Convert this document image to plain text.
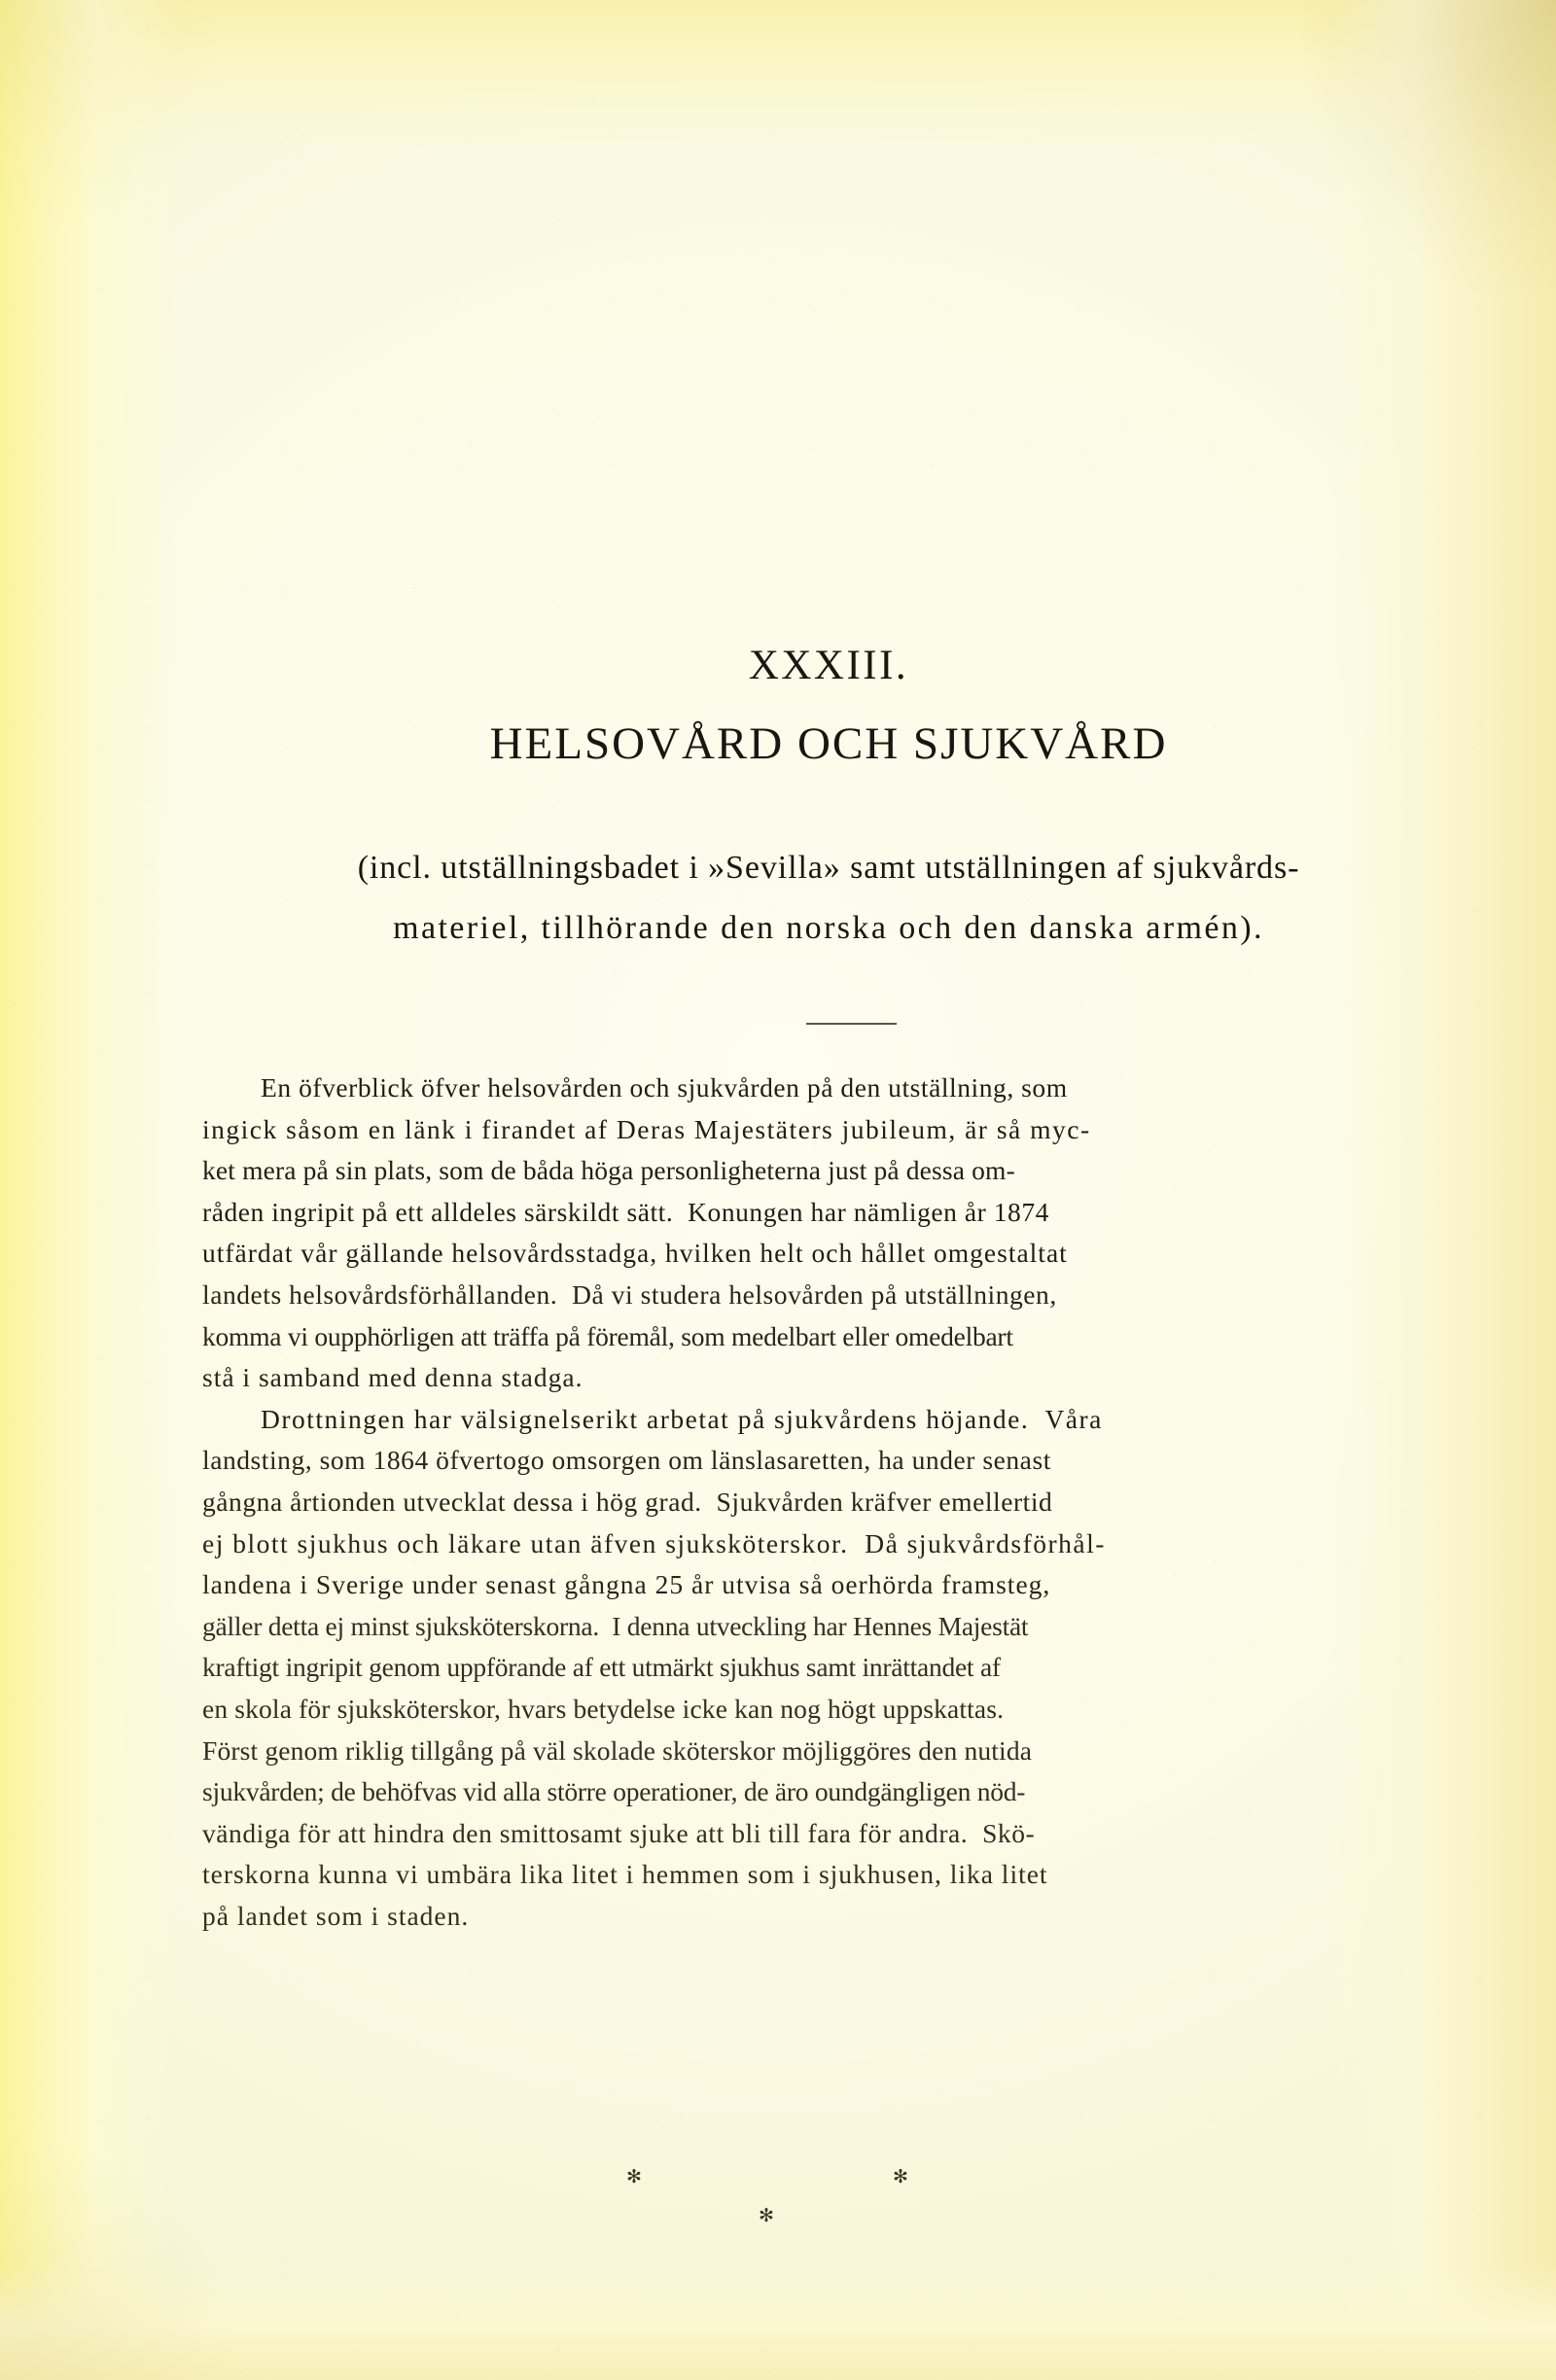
XXXIII.
HELSOVÅRD OCH SJUKVÅRD
(incl. utställningsbadet i »Sevilla» samt utställningen af sjukvårds-
materiel, tillhörande den norska och den danska armén).
En öfverblick öfver helsovården och sjukvården på den utställning, som
ingick såsom en länk i firandet af Deras Majestäters jubileum, är så myc-
ket mera på sin plats, som de båda höga personligheterna just på dessa om-
råden ingripit på ett alldeles särskildt sätt.  Konungen har nämligen år 1874
utfärdat vår gällande helsovårdsstadga, hvilken helt och hållet omgestaltat
landets helsovårdsförhållanden.  Då vi studera helsovården på utställningen,
komma vi oupphörligen att träffa på föremål, som medelbart eller omedelbart
stå i samband med denna stadga.
Drottningen har välsignelserikt arbetat på sjukvårdens höjande.  Våra
landsting, som 1864 öfvertogo omsorgen om länslasaretten, ha under senast
gångna årtionden utvecklat dessa i hög grad.  Sjukvården kräfver emellertid
ej blott sjukhus och läkare utan äfven sjuksköterskor.  Då sjukvårdsförhål-
landena i Sverige under senast gångna 25 år utvisa så oerhörda framsteg,
gäller detta ej minst sjuksköterskorna.  I denna utveckling har Hennes Majestät
kraftigt ingripit genom uppförande af ett utmärkt sjukhus samt inrättandet af
en skola för sjuksköterskor, hvars betydelse icke kan nog högt uppskattas.
Först genom riklig tillgång på väl skolade sköterskor möjliggöres den nutida
sjukvården; de behöfvas vid alla större operationer, de äro oundgängligen nöd-
vändiga för att hindra den smittosamt sjuke att bli till fara för andra.  Skö-
terskorna kunna vi umbära lika litet i hemmen som i sjukhusen, lika litet
på landet som i staden.
✻	✻
✻
